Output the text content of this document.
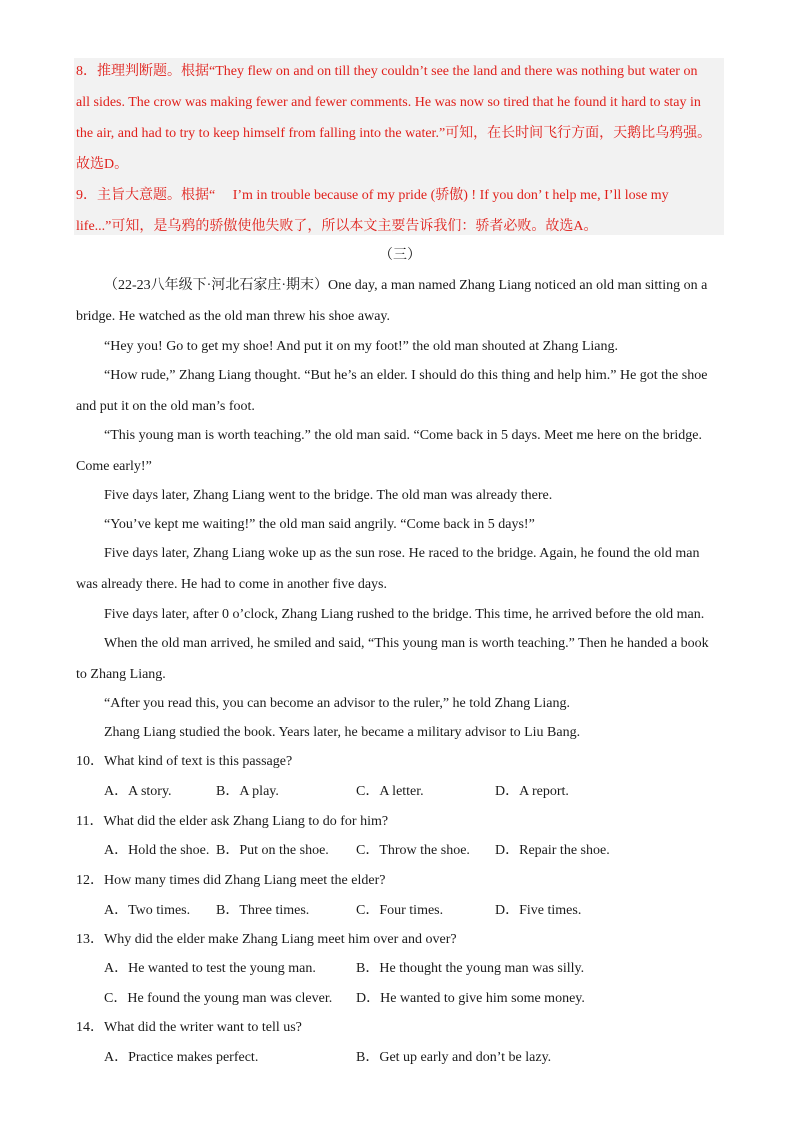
8．推理判断题。根据“They flew on and on till they couldn’t see the land and there was nothing but water on
all sides. The crow was making fewer and fewer comments. He was now so tired that he found it hard to stay in
the air, and had to try to keep himself from falling into the water.”可知，在长时间飞行方面，天鹅比乌鸦强。
故选D。
9．主旨大意题。根据“　 I’m in trouble because of my pride (骄傲) ! If you don’ t help me, I’ll lose my
life...”可知，是乌鸦的骄傲使他失败了，所以本文主要告诉我们：骄者必败。故选A。
（三）
（22-23八年级下·河北石家庄·期末）One day, a man named Zhang Liang noticed an old man sitting on a
bridge. He watched as the old man threw his shoe away.
“Hey you! Go to get my shoe! And put it on my foot!” the old man shouted at Zhang Liang.
“How rude,” Zhang Liang thought. “But he’s an elder. I should do this thing and help him.” He got the shoe
and put it on the old man’s foot.
“This young man is worth teaching.” the old man said. “Come back in 5 days. Meet me here on the bridge.
Come early!”
Five days later, Zhang Liang went to the bridge. The old man was already there.
“You’ve kept me waiting!” the old man said angrily. “Come back in 5 days!”
Five days later, Zhang Liang woke up as the sun rose. He raced to the bridge. Again, he found the old man
was already there. He had to come in another five days.
Five days later, after 0 o’clock, Zhang Liang rushed to the bridge. This time, he arrived before the old man.
When the old man arrived, he smiled and said, “This young man is worth teaching.” Then he handed a book
to Zhang Liang.
“After you read this, you can become an advisor to the ruler,” he told Zhang Liang.
Zhang Liang studied the book. Years later, he became a military advisor to Liu Bang.
10．What kind of text is this passage?
A．A story.	B．A play.	C．A letter.	D．A report.
11．What did the elder ask Zhang Liang to do for him?
A．Hold the shoe. B．Put on the shoe. C．Throw the shoe. D．Repair the shoe.
12．How many times did Zhang Liang meet the elder?
A．Two times. B．Three times.	C．Four times.	D．Five times.
13．Why did the elder make Zhang Liang meet him over and over?
A．He wanted to test the young man.	B．He thought the young man was silly.
C．He found the young man was clever. D．He wanted to give him some money.
14．What did the writer want to tell us?
A．Practice makes perfect.	B．Get up early and don’t be lazy.
